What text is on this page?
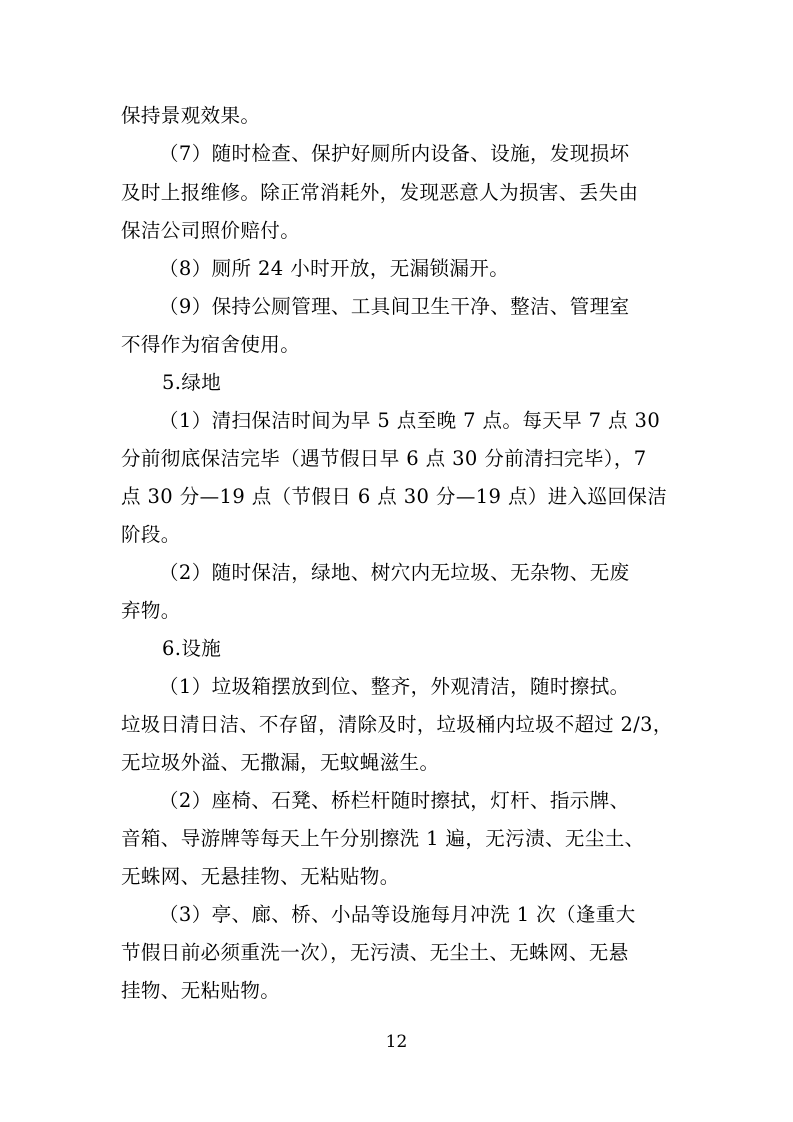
保持景观效果。
（7）随时检查、保护好厕所内设备、设施，发现损坏
及时上报维修。除正常消耗外，发现恶意人为损害、丢失由
保洁公司照价赔付。
（8）厕所 24 小时开放，无漏锁漏开。
（9）保持公厕管理、工具间卫生干净、整洁、管理室
不得作为宿舍使用。
5.绿地
（1）清扫保洁时间为早 5 点至晚 7 点。每天早 7 点 30
分前彻底保洁完毕（遇节假日早 6 点 30 分前清扫完毕），7
点 30 分—19 点（节假日 6 点 30 分—19 点）进入巡回保洁
阶段。
（2）随时保洁，绿地、树穴内无垃圾、无杂物、无废
弃物。
6.设施
（1）垃圾箱摆放到位、整齐，外观清洁，随时擦拭。
垃圾日清日洁、不存留，清除及时，垃圾桶内垃圾不超过 2/3，
无垃圾外溢、无撒漏，无蚊蝇滋生。
（2）座椅、石凳、桥栏杆随时擦拭，灯杆、指示牌、
音箱、导游牌等每天上午分别擦洗 1 遍，无污渍、无尘土、
无蛛网、无悬挂物、无粘贴物。
（3）亭、廊、桥、小品等设施每月冲洗 1 次（逢重大
节假日前必须重洗一次），无污渍、无尘土、无蛛网、无悬
挂物、无粘贴物。
12
